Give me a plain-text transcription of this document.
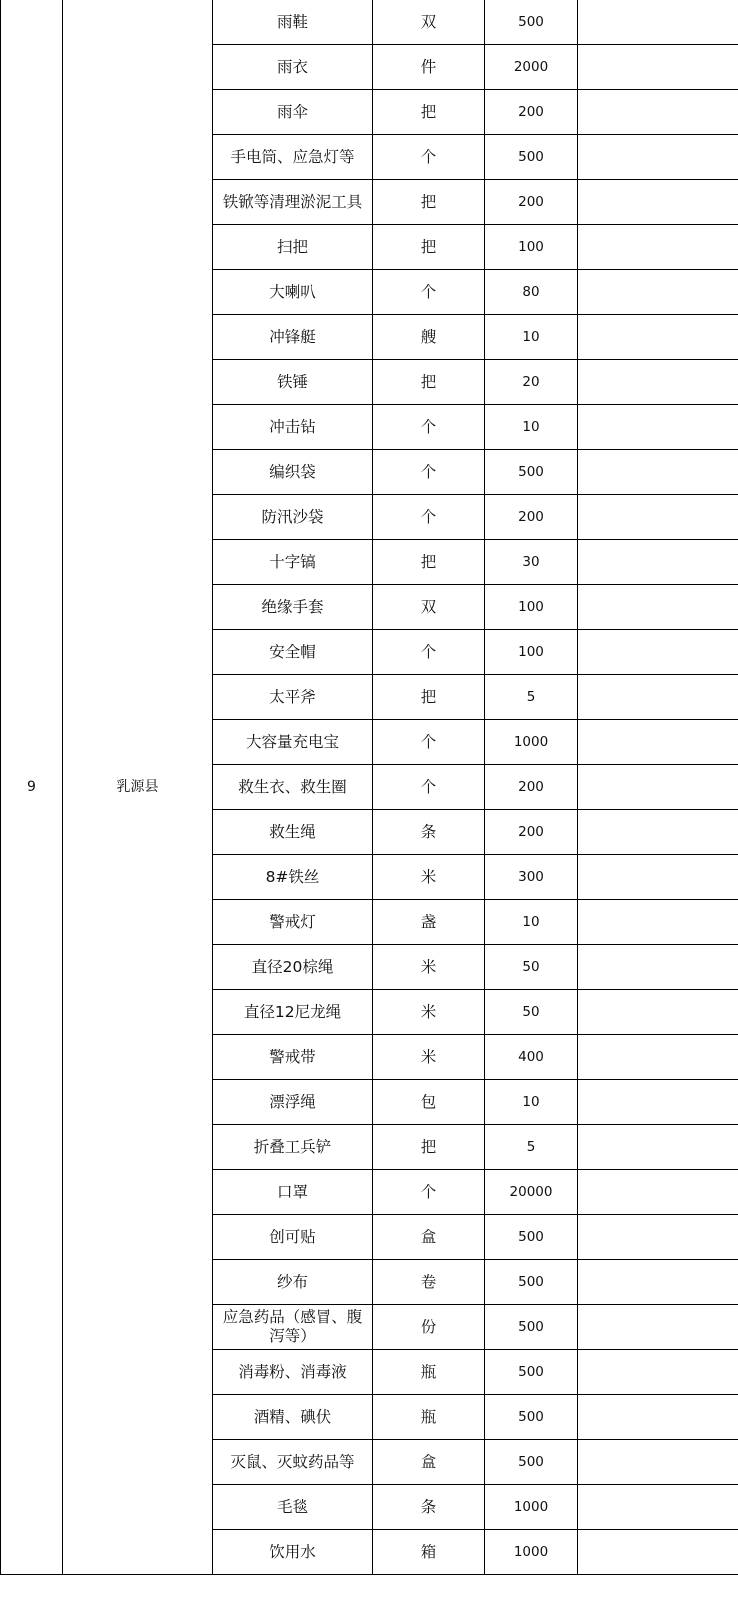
9	乳源县	雨鞋	双	500	
		雨衣	件	2000	
		雨伞	把	200	
		手电筒、应急灯等	个	500	
		铁锨等清理淤泥工具	把	200	
		扫把	把	100	
		大喇叭	个	80	
		冲锋艇	艘	10	
		铁锤	把	20	
		冲击钻	个	10	
		编织袋	个	500	
		防汛沙袋	个	200	
		十字镐	把	30	
		绝缘手套	双	100	
		安全帽	个	100	
		太平斧	把	5	
		大容量充电宝	个	1000	
		救生衣、救生圈	个	200	
		救生绳	条	200	
		8#铁丝	米	300	
		警戒灯	盏	10	
		直径20棕绳	米	50	
		直径12尼龙绳	米	50	
		警戒带	米	400	
		漂浮绳	包	10	
		折叠工兵铲	把	5	
		口罩	个	20000	
		创可贴	盒	500	
		纱布	卷	500	
		应急药品（感冒、腹泻等）	份	500	
		消毒粉、消毒液	瓶	500	
		酒精、碘伏	瓶	500	
		灭鼠、灭蚊药品等	盒	500	
		毛毯	条	1000	
		饮用水	箱	1000	
